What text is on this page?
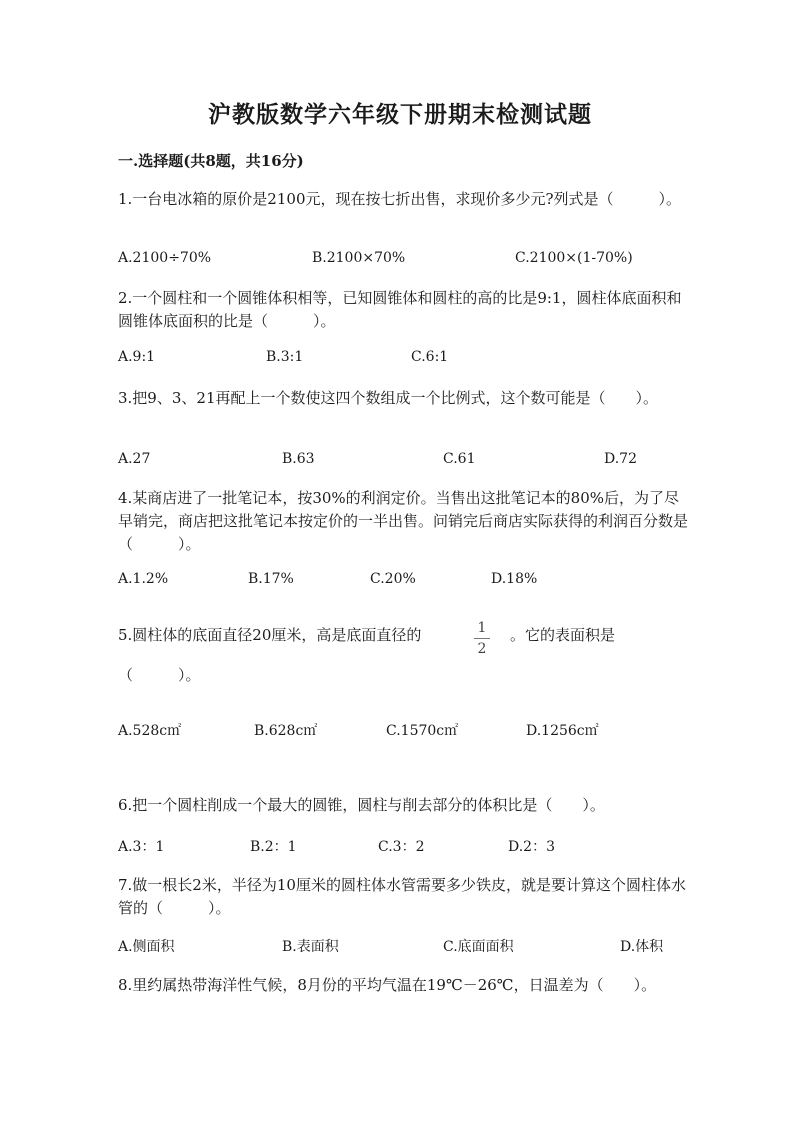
沪教版数学六年级下册期末检测试题
一.选择题(共8题，共16分)
1.一台电冰箱的原价是2100元，现在按七折出售，求现价多少元?列式是（　　　）。
A.2100÷70%	B.2100×70%	C.2100×(1-70%)
2.一个圆柱和一个圆锥体积相等，已知圆锥体和圆柱的高的比是9:1，圆柱体底面积和圆锥体底面积的比是（　　　）。
A.9:1	B.3:1	C.6:1
3.把9、3、21再配上一个数使这四个数组成一个比例式，这个数可能是（　　）。
A.27	B.63	C.61	D.72
4.某商店进了一批笔记本，按30%的利润定价。当售出这批笔记本的80%后，为了尽早销完，商店把这批笔记本按定价的一半出售。问销完后商店实际获得的利润百分数是（　　　）。
A.1.2%	B.17%	C.20%	D.18%
5.圆柱体的底面直径20厘米，高是底面直径的	1
2
。它的表面积是
（　　　）。
A.528c㎡	B.628c㎡	C.1570c㎡	D.1256c㎡
6.把一个圆柱削成一个最大的圆锥，圆柱与削去部分的体积比是（　　）。
A.3：1	B.2：1	C.3：2	D.2：3
7.做一根长2米，半径为10厘米的圆柱体水管需要多少铁皮，就是要计算这个圆柱体水管的（　　　）。
A.侧面积	B.表面积	C.底面面积	D.体积
8.里约属热带海洋性气候，8月份的平均气温在19℃－26℃，日温差为（　　）。
